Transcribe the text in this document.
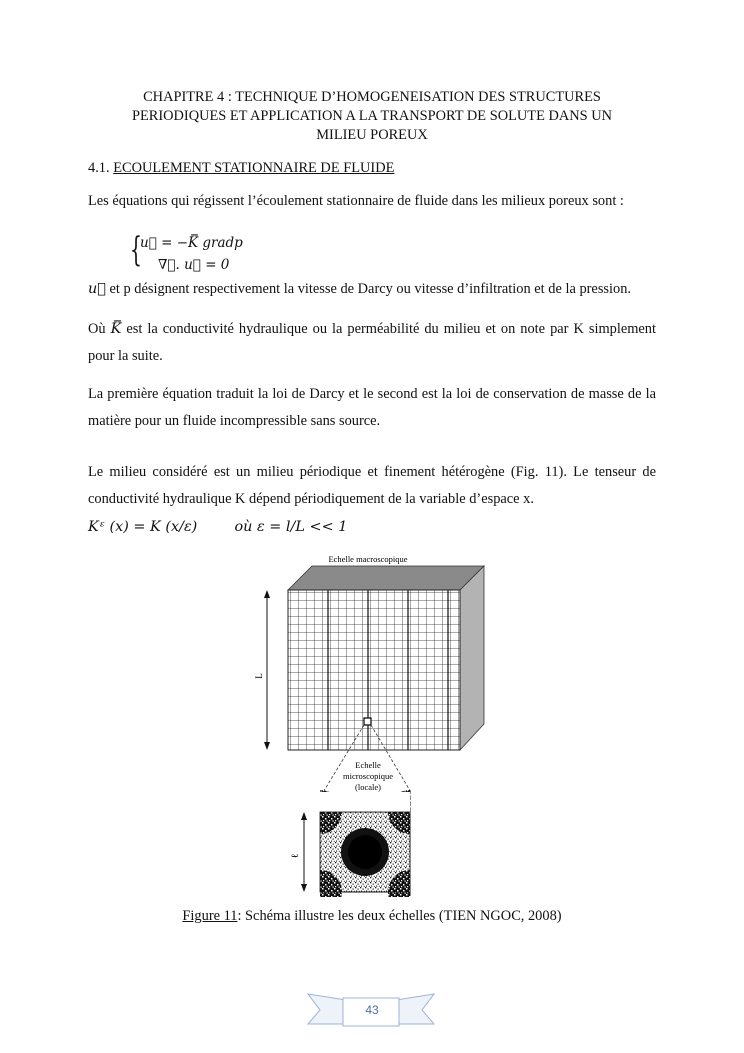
CHAPITRE 4 : TECHNIQUE D’HOMOGENEISATION DES STRUCTURES
PERIODIQUES ET APPLICATION A LA TRANSPORT DE SOLUTE DANS UN
MILIEU POREUX
4.1. ECOULEMENT STATIONNAIRE DE FLUIDE
Les équations qui régissent l’écoulement stationnaire de fluide dans les milieux poreux sont :
{
u⃗ = −K̿ gradp
∇⃗. u⃗ = 0
u⃗ et p désignent respectivement la vitesse de Darcy ou vitesse d’infiltration et de la pression.
Où K̿ est la conductivité hydraulique ou la perméabilité du milieu et on note par K simplement pour la suite.
La première équation traduit la loi de Darcy et le second est la loi de conservation de masse de la matière pour un fluide incompressible sans source.
Le milieu considéré est un milieu périodique et finement hétérogène (Fig. 11). Le tenseur de conductivité hydraulique K dépend périodiquement de la variable d’espace x.
Kᵋ (x) = K (x/ε)	où ε = l/L << 1
L
Echelle macroscopique
Echelle
microscopique
(locale)
ℓ
Figure 11: Schéma illustre les deux échelles (TIEN NGOC, 2008)
43
